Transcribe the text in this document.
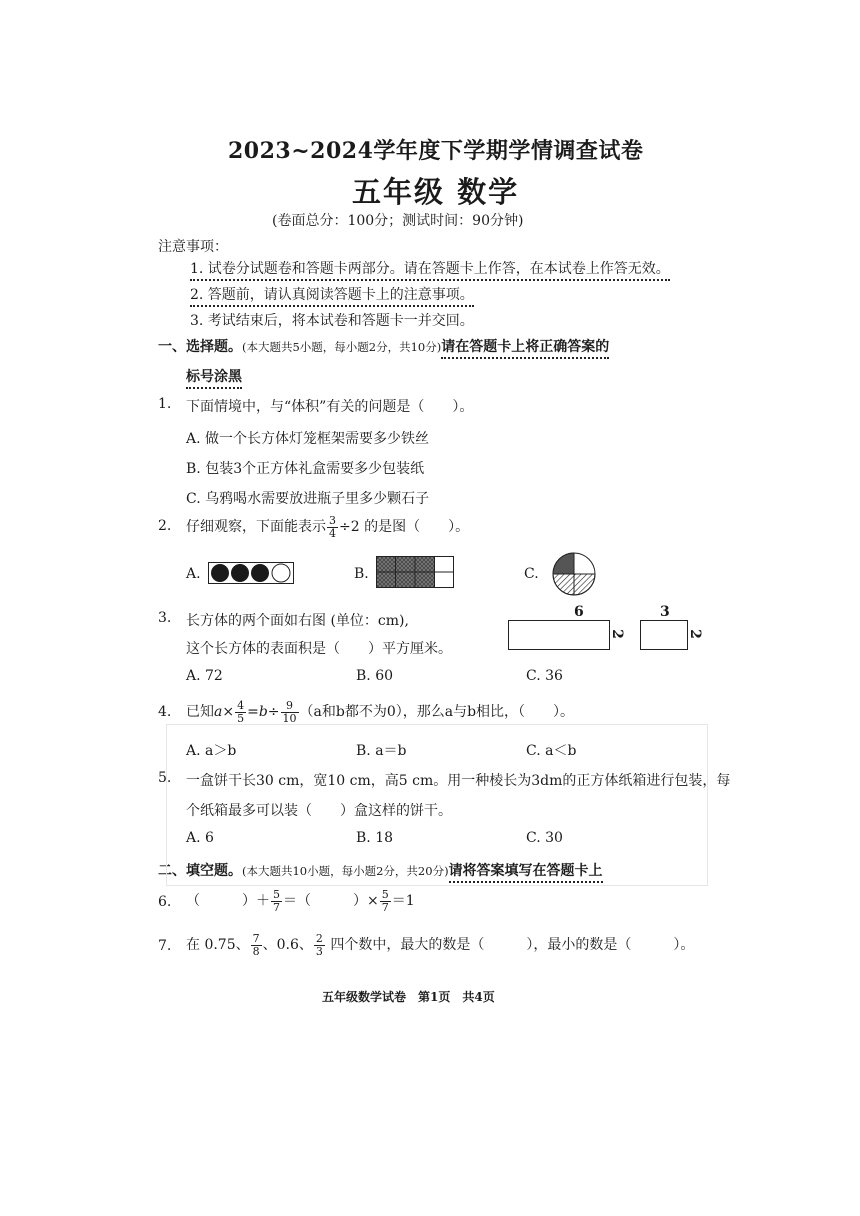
2023~2024学年度下学期学情调查试卷
五年级 数学
(卷面总分：100分；测试时间：90分钟)
注意事项：
1. 试卷分试题卷和答题卡两部分。请在答题卡上作答，在本试卷上作答无效。
2. 答题前，请认真阅读答题卡上的注意事项。
3. 考试结束后，将本试卷和答题卡一并交回。
一、选择题。(本大题共5小题，每小题2分，共10分)请在答题卡上将正确答案的
标号涂黑
1. 下面情境中，与“体积”有关的问题是（　　）。
A. 做一个长方体灯笼框架需要多少铁丝
B. 包装3个正方体礼盒需要多少包装纸
C. 乌鸦喝水需要放进瓶子里多少颗石子
2. 仔细观察，下面能表示 $\frac{3}{4} \div 2$ 的是图（　　）。
A.	B.	C.
3. 长方体的两个面如右图 (单位：cm),
这个长方体的表面积是（　　）平方厘米。
A. 72	B. 60	C. 36
6
2
3
2
4. 已知$a\times \frac{4}{5} =b\div \frac{9}{10} (a$和b都不为0），那么a与b相比，（　　）。
A. a＞b	B. a＝b	C. a＜b
5. 一盒饼干长30 cm，宽10 cm，高5 cm。用一种棱长为3dm的正方体纸箱进行包装，每
个纸箱最多可以装（　　）盒这样的饼干。
A. 6	B. 18	C. 30
二、填空题。(本大题共10小题，每小题2分，共20分)请将答案填写在答题卡上
6. （　　　）＋ $\frac{5}{7}$ ＝（　　　）× $\frac{5}{7} =1$
7. 在 0.75、 $\frac{7}{8}$ 、0.6、 $\frac{2}{3}$ 四个数中，最大的数是（　　　），最小的数是（　　　）。
五年级数学试卷　第1页　共4页
